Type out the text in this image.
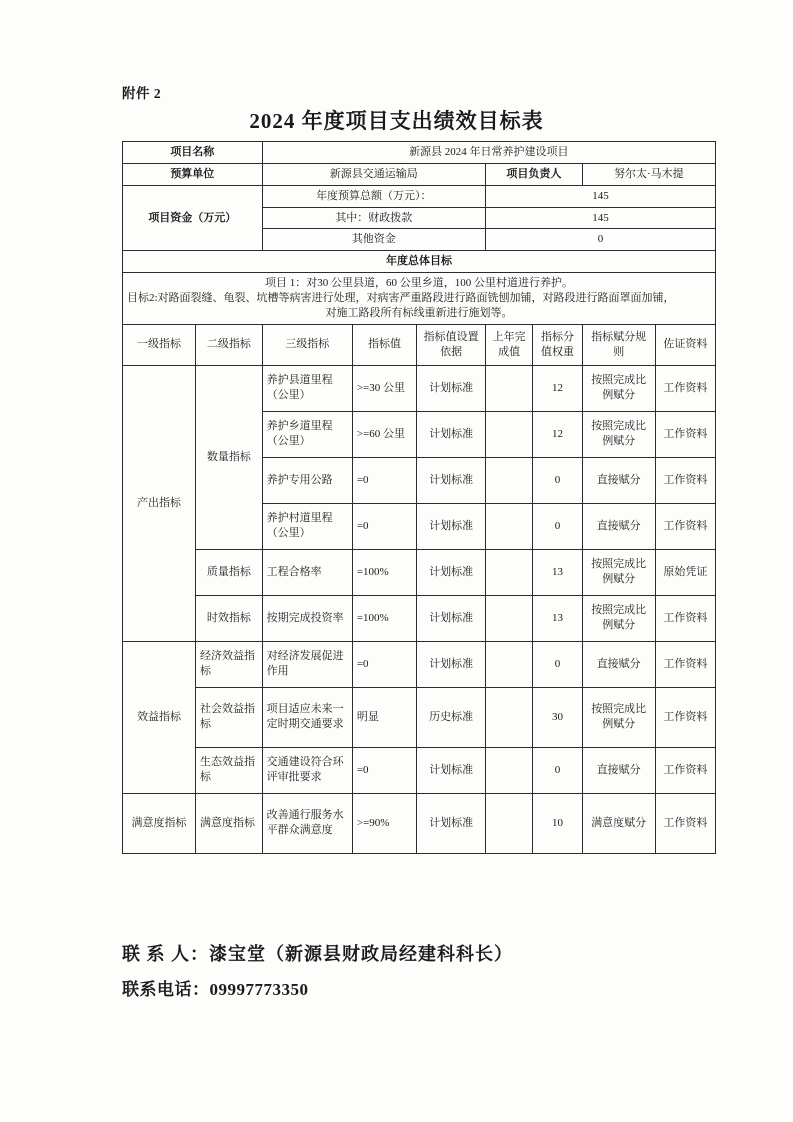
附件 2
2024 年度项目支出绩效目标表
项目名称		新源县 2024 年日常养护建设项目						
预算单位		新源县交通运输局			项目负责人		努尔太·马木提	
项目资金（万元）		年度预算总额（万元）：			145			
		其中：财政拨款			145			
		其他资金			0			
年度总体目标								

项目 1：对30 公里县道，60 公里乡道，100 公里村道进行养护。
目标2:对路面裂缝、龟裂、坑槽等病害进行处理，对病害严重路段进行路面铣刨加铺，对路段进行路面罩面加铺，
对施工路段所有标线重新进行施划等。								

一级指标	二级指标	三级指标	指标值	指标值设置依据	上年完成值	指标分值权重	指标赋分规则	佐证资料
产出指标	数量指标	养护县道里程（公里）	>=30 公里	计划标准		12	按照完成比例赋分	工作资料
		养护乡道里程（公里）	>=60 公里	计划标准		12	按照完成比例赋分	工作资料
		养护专用公路	=0	计划标准		0	直接赋分	工作资料
		养护村道里程（公里）	=0	计划标准		0	直接赋分	工作资料
	质量指标	工程合格率	=100%	计划标准		13	按照完成比例赋分	原始凭证
	时效指标	按期完成投资率	=100%	计划标准		13	按照完成比例赋分	工作资料
效益指标	经济效益指标	对经济发展促进作用	=0	计划标准		0	直接赋分	工作资料
	社会效益指标	项目适应未来一定时期交通要求	明显	历史标准		30	按照完成比例赋分	工作资料
	生态效益指标	交通建设符合环评审批要求	=0	计划标准		0	直接赋分	工作资料
满意度指标	满意度指标	改善通行服务水平群众满意度	>=90%	计划标准		10	满意度赋分	工作资料
联 系 人：漆宝堂（新源县财政局经建科科长）
联系电话：09997773350
